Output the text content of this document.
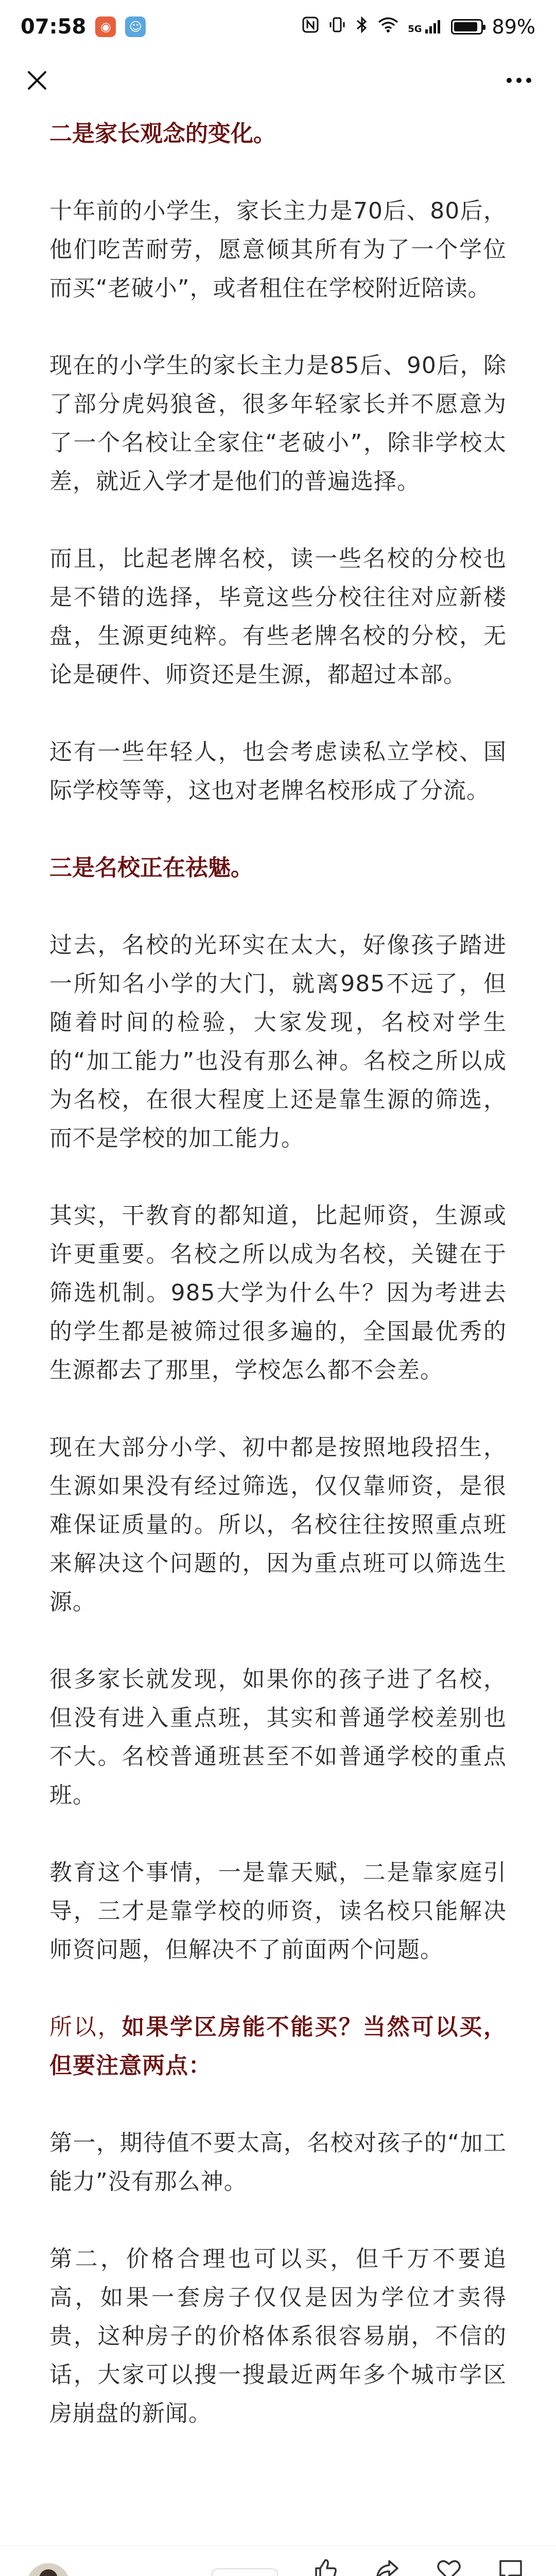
07:58	◉	☺	5G	89%

二是家长观念的变化。

十年前的小学生，家长主力是70后、80后，他们吃苦耐劳，愿意倾其所有为了一个学位而买“老破小”，或者租住在学校附近陪读。

现在的小学生的家长主力是85后、90后，除了部分虎妈狼爸，很多年轻家长并不愿意为了一个名校让全家住“老破小”，除非学校太差，就近入学才是他们的普遍选择。

而且，比起老牌名校，读一些名校的分校也是不错的选择，毕竟这些分校往往对应新楼盘，生源更纯粹。有些老牌名校的分校，无论是硬件、师资还是生源，都超过本部。

还有一些年轻人，也会考虑读私立学校、国际学校等等，这也对老牌名校形成了分流。

三是名校正在祛魅。

过去，名校的光环实在太大，好像孩子踏进一所知名小学的大门，就离985不远了，但随着时间的检验，大家发现，名校对学生的“加工能力”也没有那么神。名校之所以成为名校，在很大程度上还是靠生源的筛选，而不是学校的加工能力。

其实，干教育的都知道，比起师资，生源或许更重要。名校之所以成为名校，关键在于筛选机制。985大学为什么牛？因为考进去的学生都是被筛过很多遍的，全国最优秀的生源都去了那里，学校怎么都不会差。

现在大部分小学、初中都是按照地段招生，生源如果没有经过筛选，仅仅靠师资，是很难保证质量的。所以，名校往往按照重点班来解决这个问题的，因为重点班可以筛选生源。

很多家长就发现，如果你的孩子进了名校，但没有进入重点班，其实和普通学校差别也不大。名校普通班甚至不如普通学校的重点班。

教育这个事情，一是靠天赋，二是靠家庭引导，三才是靠学校的师资，读名校只能解决师资问题，但解决不了前面两个问题。

所以，如果学区房能不能买？当然可以买，但要注意两点：

第一，期待值不要太高，名校对孩子的“加工能力”没有那么神。

第二，价格合理也可以买，但千万不要追高，如果一套房子仅仅是因为学位才卖得贵，这种房子的价格体系很容易崩，不信的话，大家可以搜一搜最近两年多个城市学区房崩盘的新闻。
